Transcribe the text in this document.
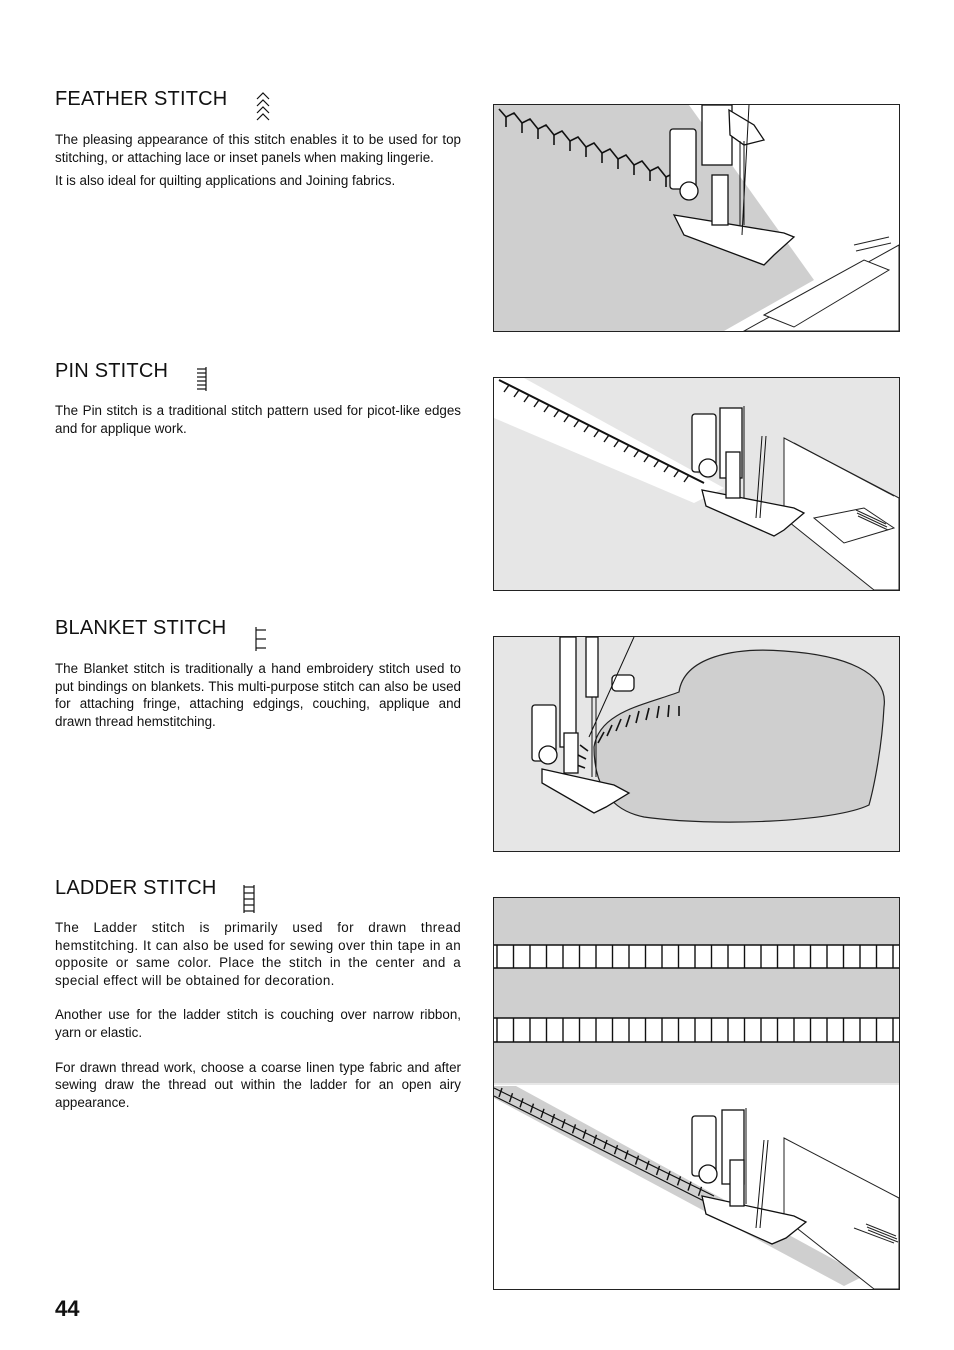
FEATHER STITCH

The pleasing appearance of this stitch enables it to be used for top stitching, or attaching lace or inset panels when making lingerie.

It is also ideal for quilting applications and Joining fabrics.

PIN STITCH

The Pin stitch is a traditional stitch pattern used for picot-like edges and for applique work.

BLANKET STITCH

The Blanket stitch is traditionally a hand embroidery stitch used to put bindings on blankets. This multi-purpose stitch can also be used for attaching fringe, attaching edgings, couching, applique and drawn thread hemstitching.

LADDER STITCH

The Ladder stitch is primarily used for drawn thread hemstitching. It can also be used for sewing over thin tape in an opposite or same color. Place the stitch in the center and a special effect will be obtained for decoration.

Another use for the ladder stitch is couching over narrow ribbon, yarn or elastic.

For drawn thread work, choose a coarse linen type fabric and after sewing draw the thread out within the ladder for an open airy appearance.

44
